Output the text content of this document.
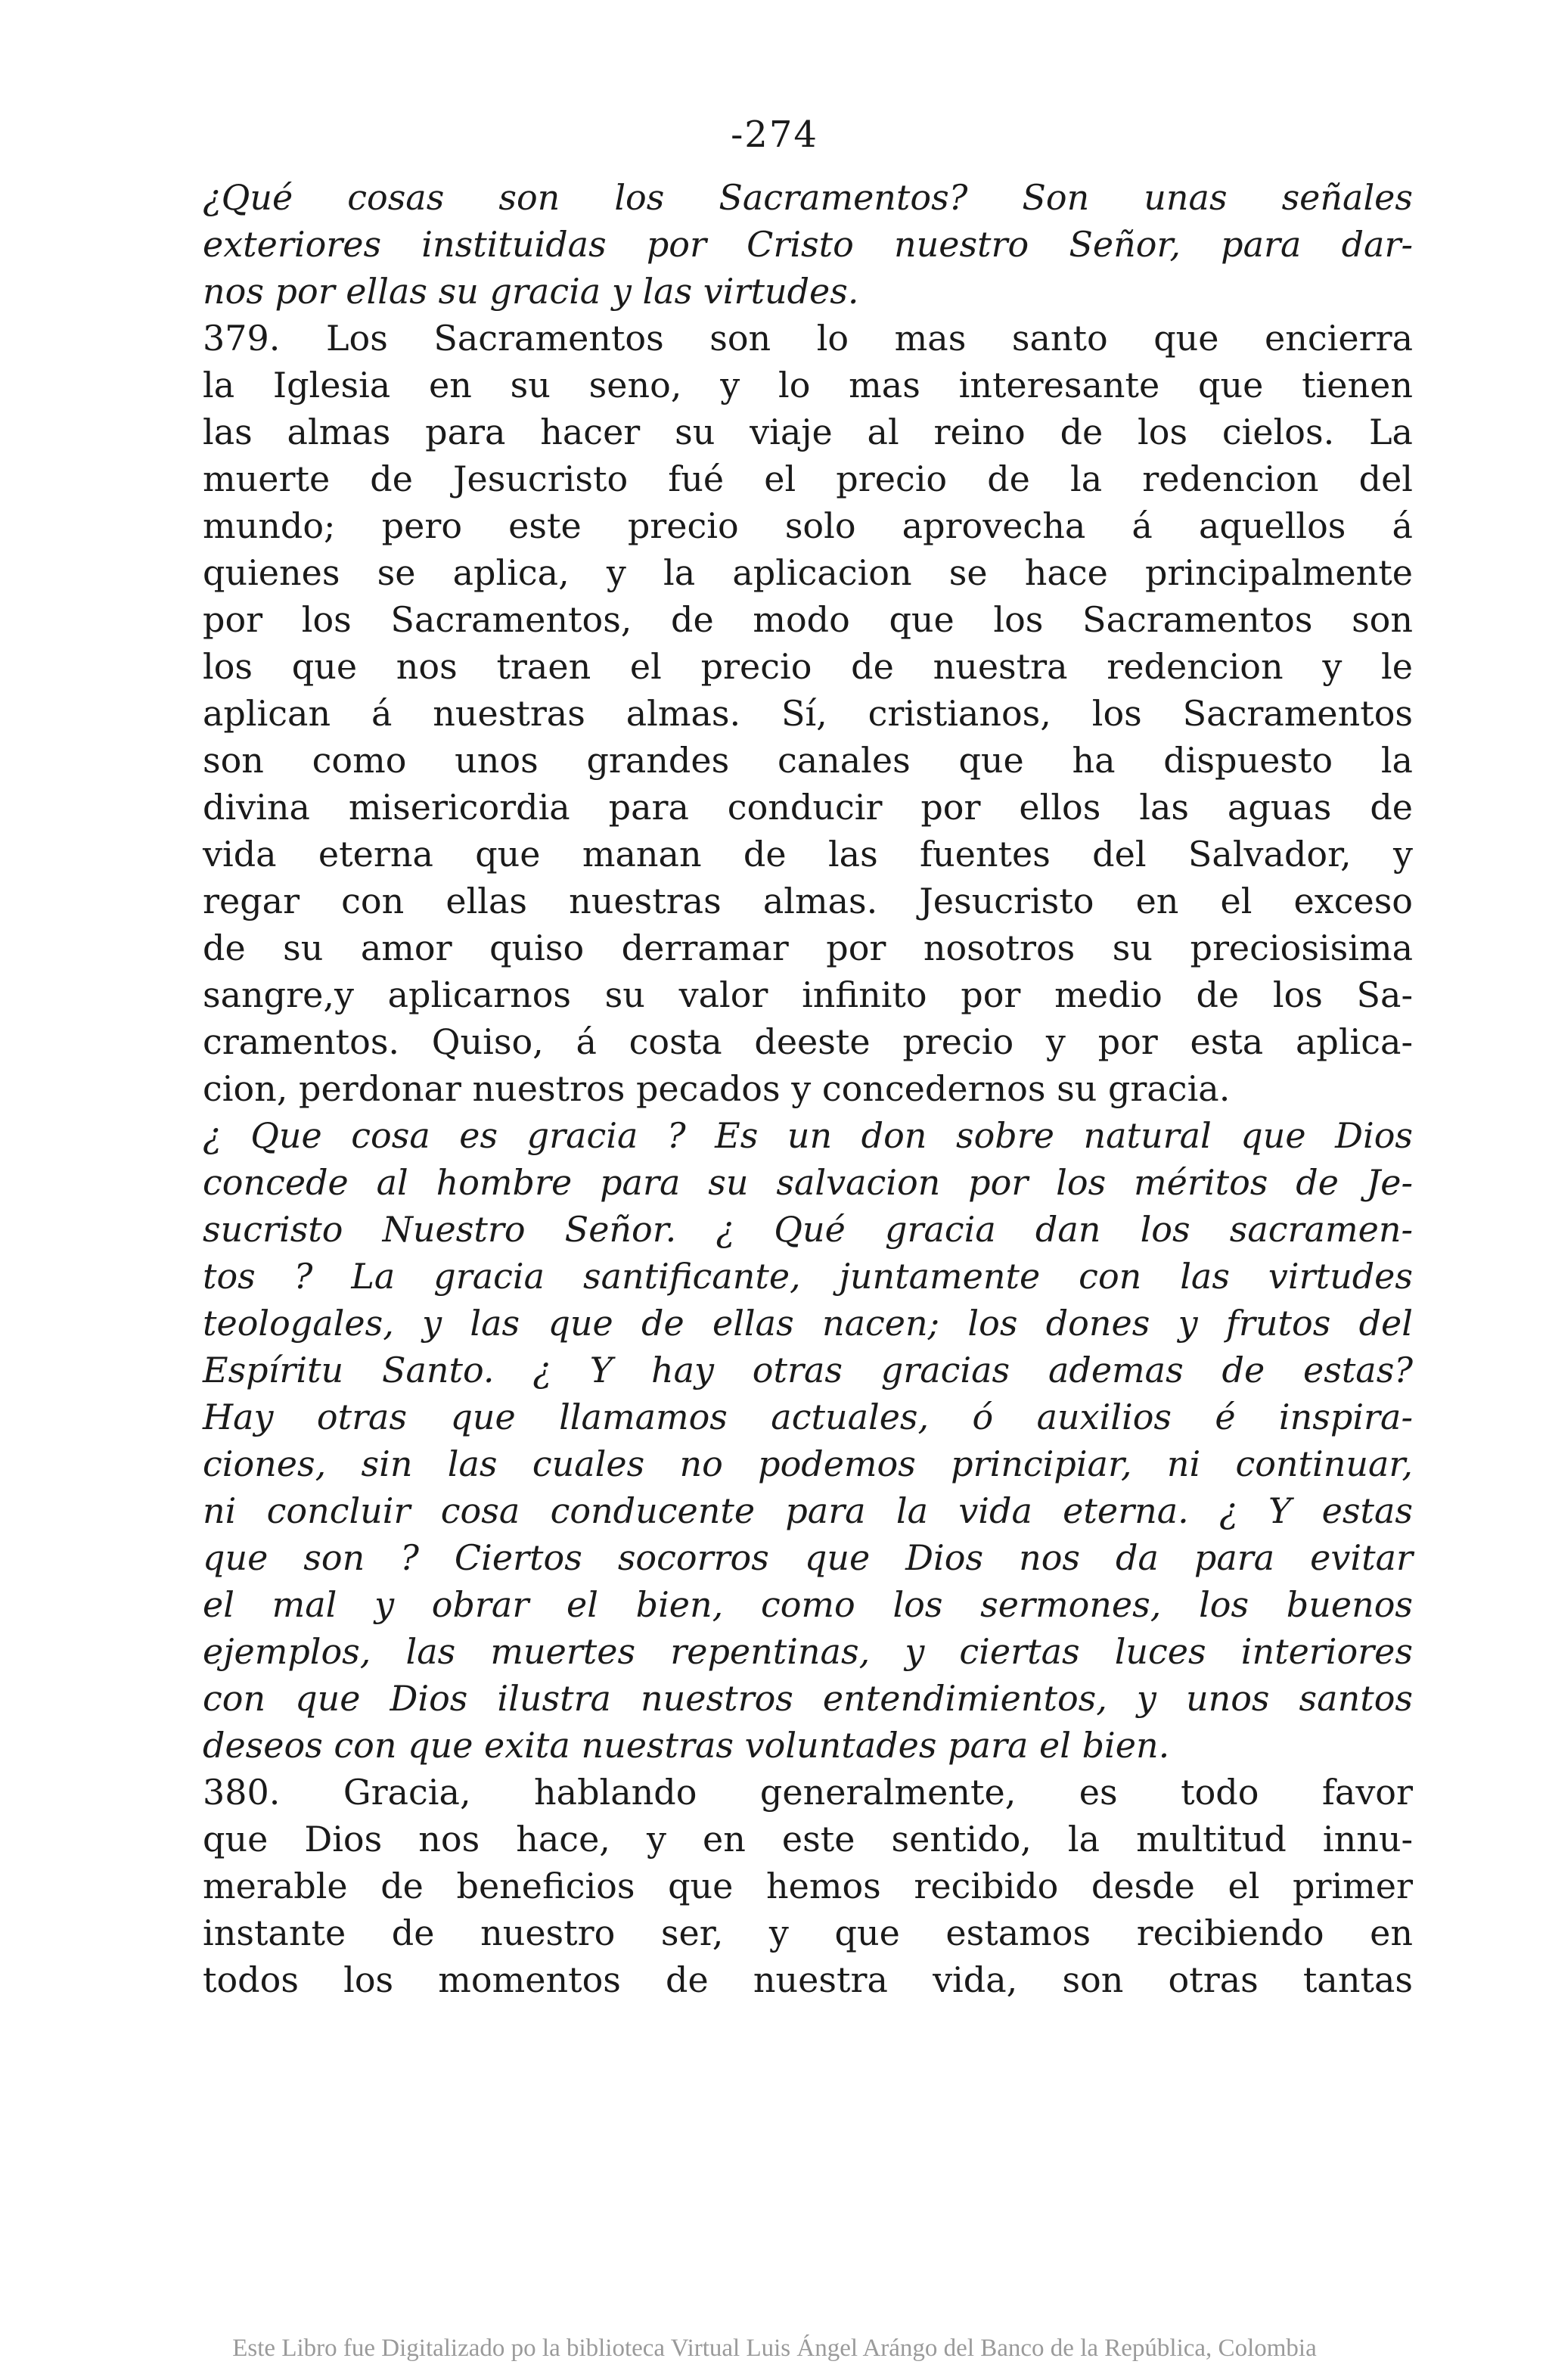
-274
¿Qué cosas son los Sacramentos? Son unas señales
exteriores instituidas por Cristo nuestro Señor, para dar-
nos por ellas su gracia y las virtudes.
379. Los Sacramentos son lo mas santo que encierra
la Iglesia en su seno, y lo mas interesante que tienen
las almas para hacer su viaje al reino de los cielos. La
muerte de Jesucristo fué el precio de la redencion del
mundo; pero este precio solo aprovecha á aquellos á
quienes se aplica, y la aplicacion se hace principalmente
por los Sacramentos, de modo que los Sacramentos son
los que nos traen el precio de nuestra redencion y le
aplican á nuestras almas. Sí, cristianos, los Sacramentos
son como unos grandes canales que ha dispuesto la
divina misericordia para conducir por ellos las aguas de
vida eterna que manan de las fuentes del Salvador, y
regar con ellas nuestras almas. Jesucristo en el exceso
de su amor quiso derramar por nosotros su preciosisima
sangre,y aplicarnos su valor infinito por medio de los Sa-
cramentos. Quiso, á costa deeste precio y por esta aplica-
cion, perdonar nuestros pecados y concedernos su gracia.
¿ Que cosa es gracia ? Es un don sobre natural que Dios
concede al hombre para su salvacion por los méritos de Je-
sucristo Nuestro Señor. ¿ Qué gracia dan los sacramen-
tos ? La gracia santificante, juntamente con las virtudes
teologales, y las que de ellas nacen; los dones y frutos del
Espíritu Santo. ¿ Y hay otras gracias ademas de estas?
Hay otras que llamamos actuales, ó auxilios é inspira-
ciones, sin las cuales no podemos principiar, ni continuar,
ni concluir cosa conducente para la vida eterna. ¿ Y estas
que son ? Ciertos socorros que Dios nos da para evitar
el mal y obrar el bien, como los sermones, los buenos
ejemplos, las muertes repentinas, y ciertas luces interiores
con que Dios ilustra nuestros entendimientos, y unos santos
deseos con que exita nuestras voluntades para el bien.
380. Gracia, hablando generalmente, es todo favor
que Dios nos hace, y en este sentido, la multitud innu-
merable de beneficios que hemos recibido desde el primer
instante de nuestro ser, y que estamos recibiendo en
todos los momentos de nuestra vida, son otras tantas
Este Libro fue Digitalizado po la biblioteca Virtual Luis Ángel Arángo del Banco de la República, Colombia
